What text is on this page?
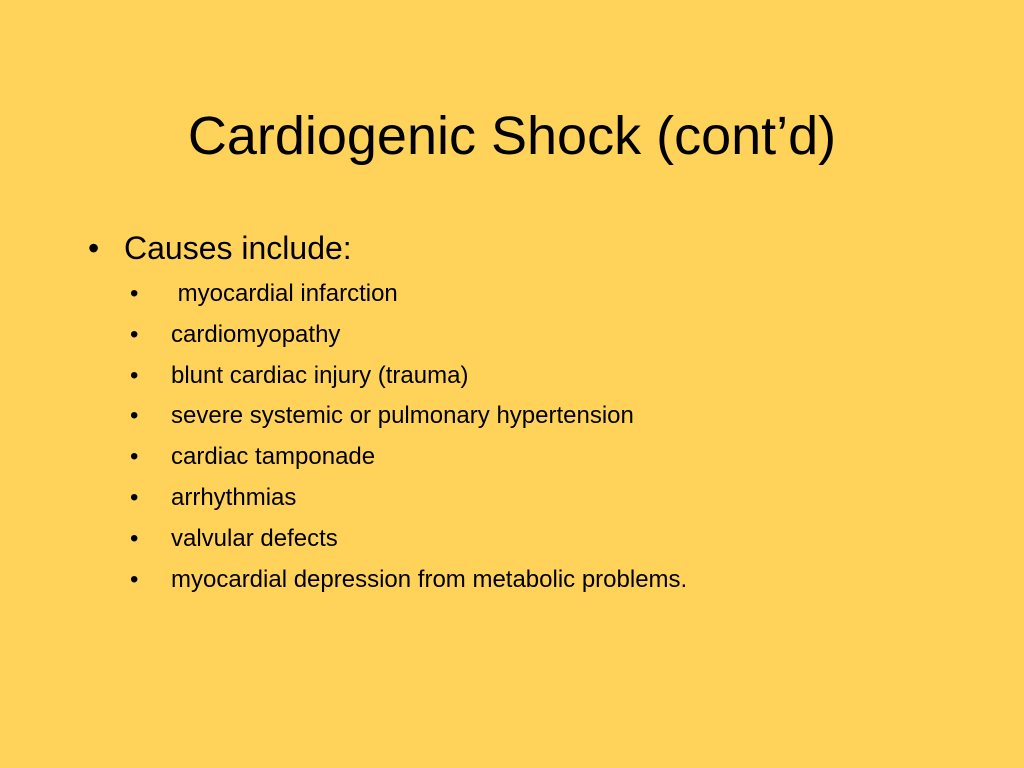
Cardiogenic Shock (cont’d)
• Causes include:
• myocardial infarction
• cardiomyopathy
• blunt cardiac injury (trauma)
• severe systemic or pulmonary hypertension
• cardiac tamponade
• arrhythmias
• valvular defects
• myocardial depression from metabolic problems.
